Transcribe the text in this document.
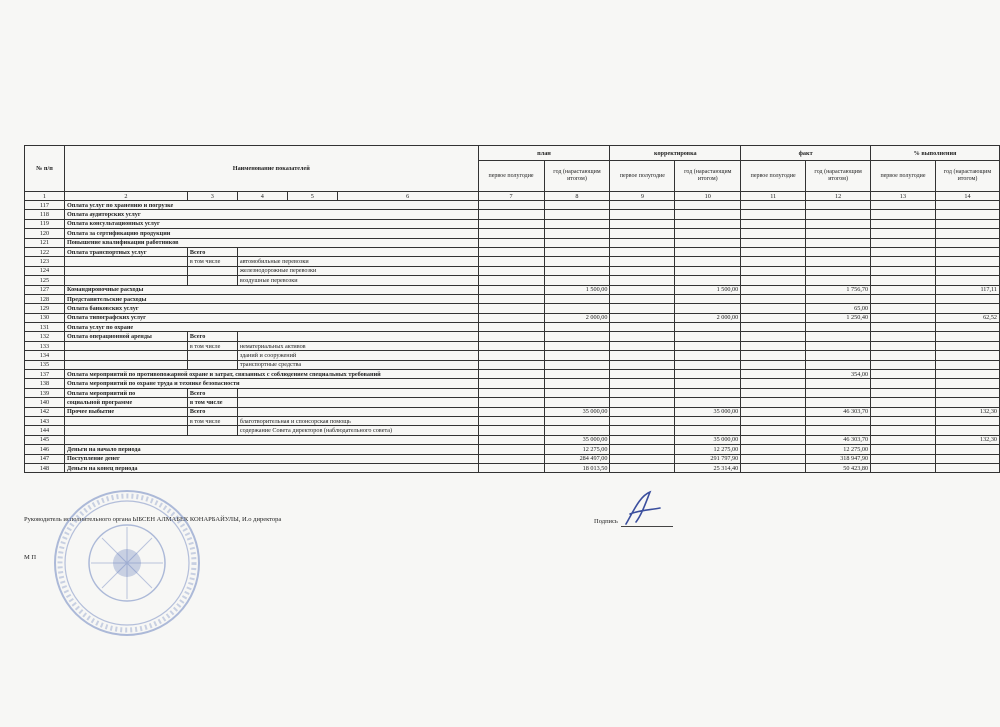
№ п/п	Наименование показателей					план		корректировка		факт		% выполнения	
						первое полугодие	год (нарастающим итогом)	первое полугодие	год (нарастающим итогом)	первое полугодие	год (нарастающим итогом)	первое полугодие	год (нарастающим итогом)
1	2	3	4	5	6	7	8	9	10	11	12	13	14
117	Оплата услуг по хранению и погрузке												
118	Оплата аудиторских услуг												
119	Оплата консультационных услуг												
120	Оплата за сертификацию продукции												
121	Повышение квалификации работников												
122	Оплата транспортных услуг	Всего											
123		в том числе	автомобильные перевозки										
124			железнодорожные перевозки										
125			воздушные перевозки										
127	Командировочные расходы						1 500,00		1 500,00		1 756,70		117,11
128	Представительские расходы												
129	Оплата банковских услуг										65,00		
130	Оплата типографских услуг						2 000,00		2 000,00		1 250,40		62,52
131	Оплата услуг по охране												
132	Оплата операционной аренды	Всего											
133		в том числе	нематериальных активов										
134			зданий и сооружений										
135			транспортные средства										
137	Оплата мероприятий по противопожарной охране и затрат, связанных с соблюдением специальных требований										354,00		
138	Оплата мероприятий по охране труда и технике безопасности												
139	Оплата мероприятий по	Всего											
140	социальной программе	в том числе											
142	Прочее выбытие	Всего					35 000,00		35 000,00		46 303,70		132,30
143		в том числе	благотворительная и спонсорская помощь										
144			содержание Совета директоров (наблюдательного совета)										
145							35 000,00		35 000,00		46 303,70		132,30
146	Деньги на начало периода						12 275,00		12 275,00		12 275,00		
147	Поступление денег						284 497,00		291 797,90		318 947,90		
148	Деньги на конец периода						18 013,50		25 314,40		50 423,80		
Руководитель исполнительного органа ЫБСЕН АЛМАБЕК КОНАРБАЙУЛЫ, И.о директора	Подпись
М П
